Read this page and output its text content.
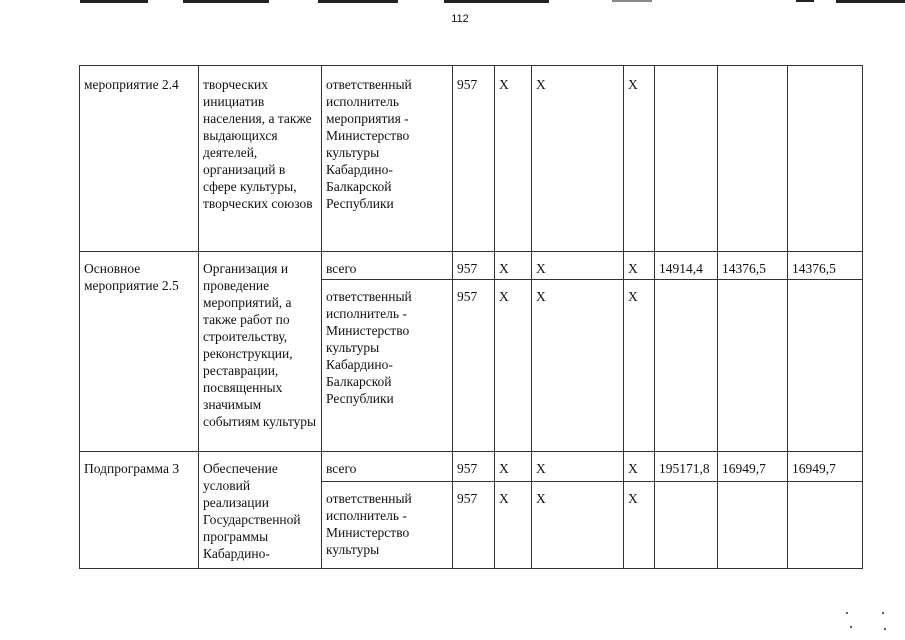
112
мероприятие 2.4	творческих инициатив населения, а также выдающихся деятелей, организаций в сфере культуры, творческих союзов	ответственный исполнитель мероприятия - Министерство культуры Кабардино-Балкарской Республики	957	X	X	X			
Основное мероприятие 2.5	Организация и проведение мероприятий, а также работ по строительству, реконструкции, реставрации, посвященных значимым событиям культуры	всего	957	X	X	X	14914,4	14376,5	14376,5
		ответственный исполнитель - Министерство культуры Кабардино-Балкарской Республики	957	X	X	X			
Подпрограмма 3	Обеспечение условий реализации Государственной программы Кабардино-	всего	957	X	X	X	195171,8	16949,7	16949,7
		ответственный исполнитель - Министерство культуры	957	X	X	X			
